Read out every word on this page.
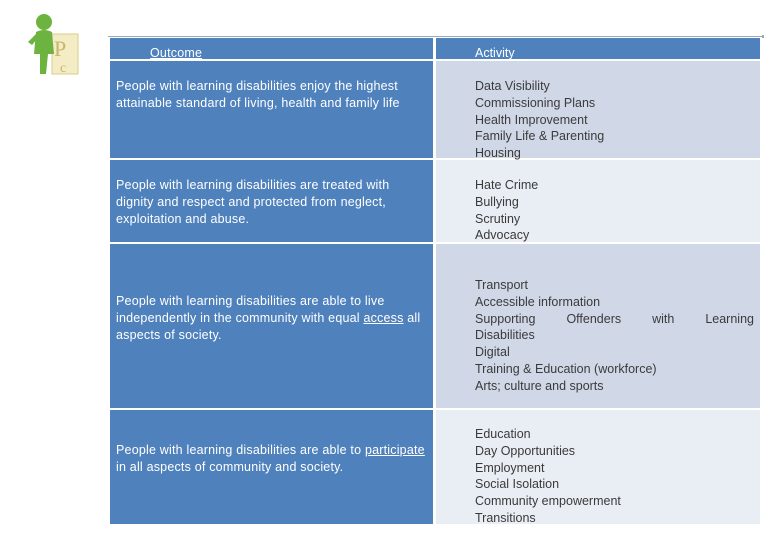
P
c
Outcome	Activity
People with learning disabilities enjoy the highest attainable standard of living, health and family life
Data Visibility
Commissioning Plans
Health Improvement
Family Life & Parenting
Housing
People with learning disabilities are treated with dignity and respect and protected from neglect, exploitation and abuse.
Hate Crime
Bullying
Scrutiny
Advocacy
People with learning disabilities are able to live independently in the community with equal access all aspects of society.
Transport
Accessible information
Supporting Offenders with Learning
Disabilities
Digital
Training & Education (workforce)
Arts; culture and sports
People with learning disabilities are able to participate in all aspects of community and society.
Education
Day Opportunities
Employment
Social Isolation
Community empowerment
Transitions
